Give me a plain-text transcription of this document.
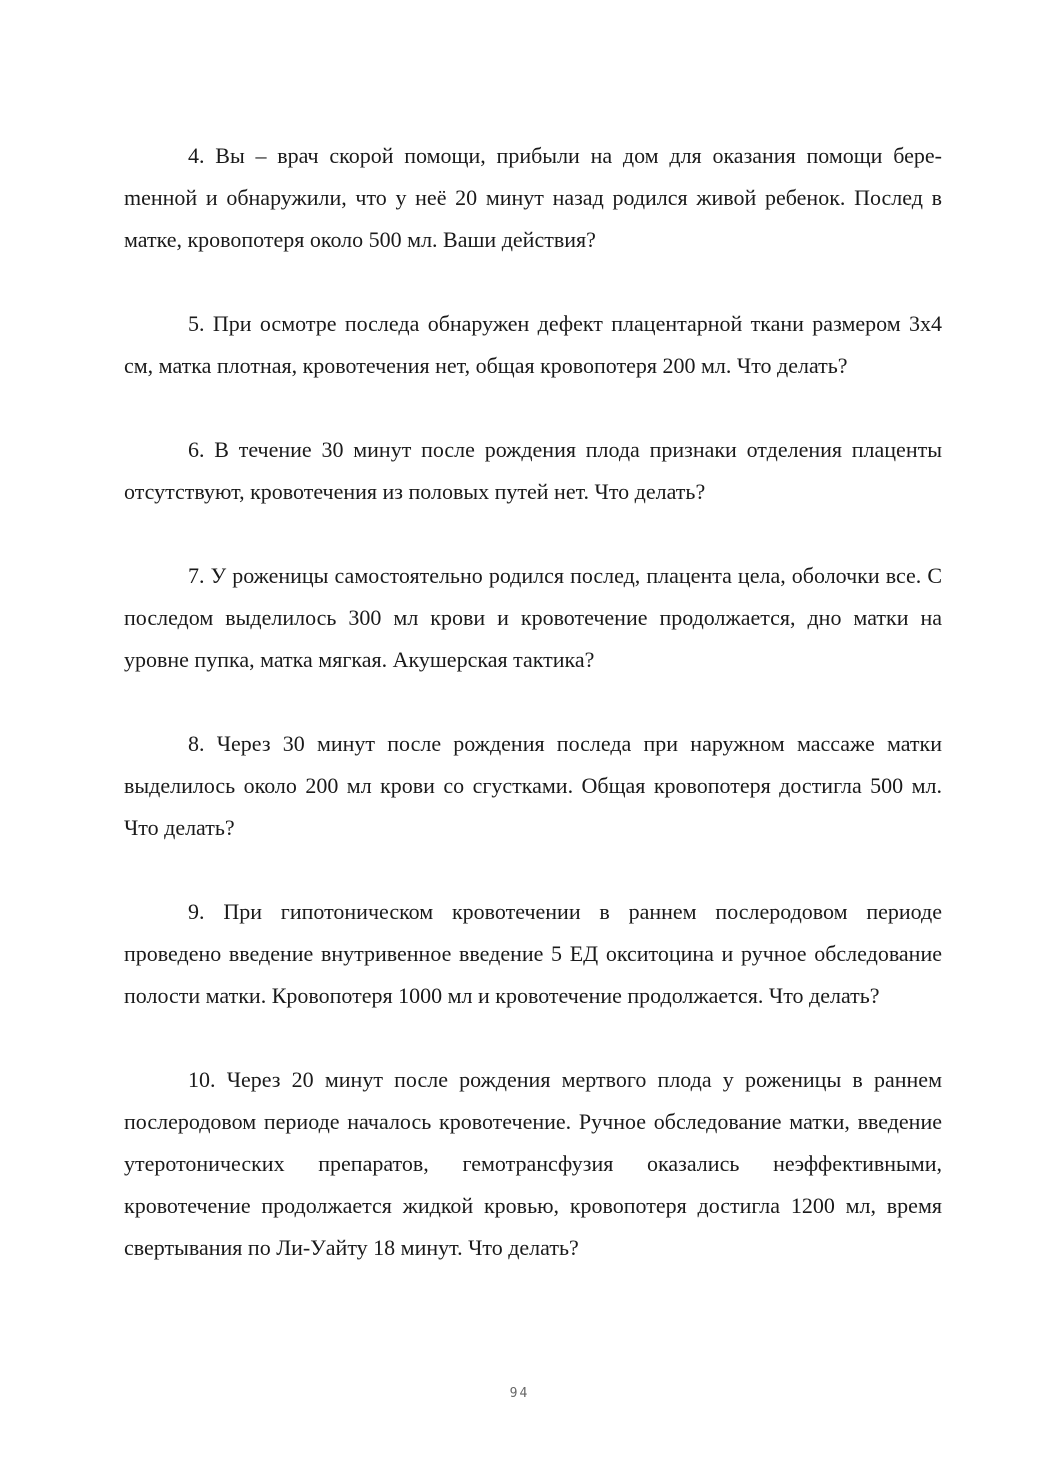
4. Вы – врач скорой помощи, прибыли на дом для оказания помощи береmенной и обнаружили, что у неё 20 минут назад родился живой ребенок. Послед в матке, кровопотеря около 500 мл. Ваши действия?

5. При осмотре последа обнаружен дефект плацентарной ткани размером 3х4 см, матка плотная, кровотечения нет, общая кровопотеря 200 мл. Что делать?

6. В течение 30 минут после рождения плода признаки отделения плаценты отсутствуют, кровотечения из половых путей нет. Что делать?

7. У роженицы самостоятельно родился послед, плацента цела, оболочки все. С последом выделилось 300 мл крови и кровотечение продолжается, дно матки на уровне пупка, матка мягкая. Акушерская тактика?

8. Через 30 минут после рождения последа при наружном массаже матки выделилось около 200 мл крови со сгустками. Общая кровопотеря достигла 500 мл. Что делать?

9. При гипотоническом кровотечении в раннем послеродовом периоде проведено введение внутривенное введение 5 ЕД окситоцина и ручное обследование полости матки. Кровопотеря 1000 мл и кровотечение продолжается. Что делать?

10. Через 20 минут после рождения мертвого плода у роженицы в раннем послеродовом периоде началось кровотечение. Ручное обследование матки, введение утеротонических препаратов, гемотрансфузия оказались неэффективными, кровотечение продолжается жидкой кровью, кровопотеря достигла 1200 мл, время свертывания по Ли-Уайту 18 минут. Что делать?

94
